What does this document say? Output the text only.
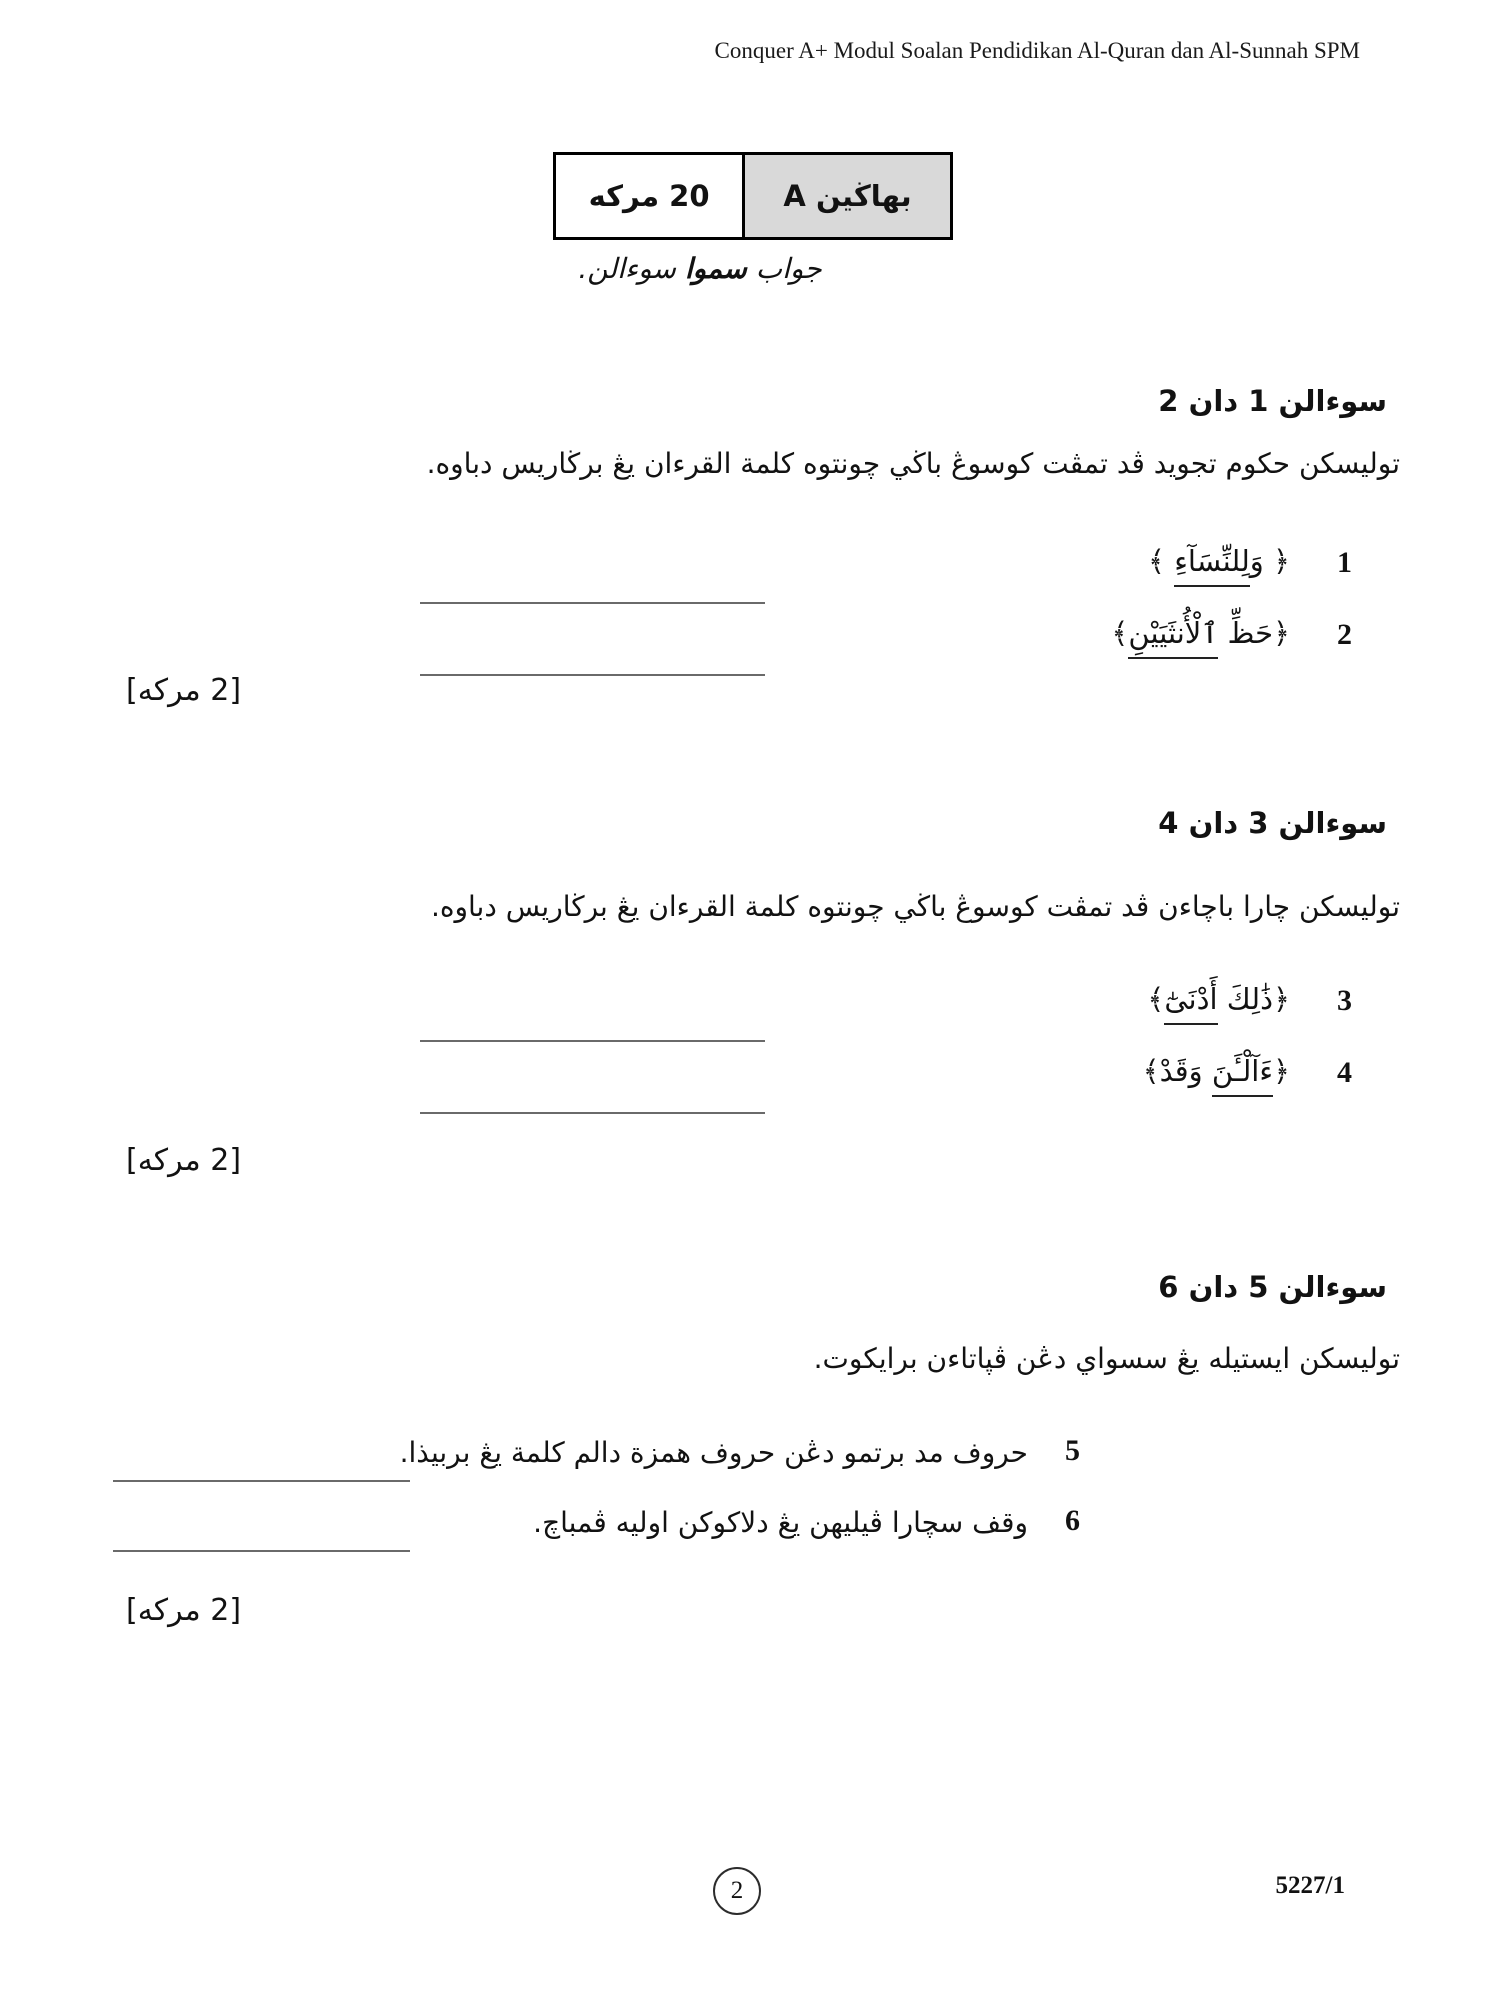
Conquer A+ Modul Soalan Pendidikan Al-Quran dan Al-Sunnah SPM
20 مركه	بهاڬين A
جواب سموا سوءالن.
سوءالن 1 دان 2
توليسكن حكوم تجويد ڤد تمڤت كوسوڠ باڬي چونتوه كلمة القرءان يڠ برڬاريس دباوه.
1
﴿ وَلِلنِّسَآءِ ﴾
2
﴿حَظِّ ٱلْأُنثَيَيْنِ﴾
[2 مركه]
سوءالن 3 دان 4
توليسكن چارا باچاءن ڤد تمڤت كوسوڠ باڬي چونتوه كلمة القرءان يڠ برڬاريس دباوه.
3
﴿ذَٰلِكَ أَدْنَىٰٓ﴾
4
﴿ءَآلْـَٔنَ وَقَدْ﴾
[2 مركه]
سوءالن 5 دان 6
توليسكن ايستيله يڠ سسواي دڠن ڤڽاتاءن برايكوت.
5
حروف مد برتمو دڠن حروف همزة دالم كلمة يڠ بربيذا.
6
وقف سچارا ڤيليهن يڠ دلاكوكن اوليه ڤمباچ.
[2 مركه]
2	5227/1
